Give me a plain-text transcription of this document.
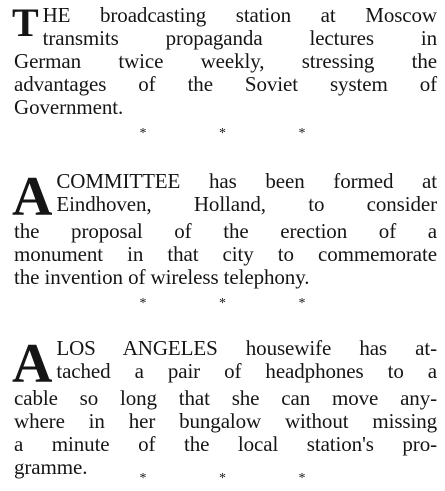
T HE broadcasting station at Moscow
transmits propaganda lectures in
German twice weekly, stressing the
advantages of the Soviet system of
Government.
*	*	*
A COMMITTEE has been formed at
Eindhoven, Holland, to consider
the proposal of the erection of a
monument in that city to commemorate
the invention of wireless telephony.
*	*	*
A LOS ANGELES housewife has at-
tached a pair of headphones to a
cable so long that she can move any-
where in her bungalow without missing
a minute of the local station's pro-
gramme.	*	*	*
